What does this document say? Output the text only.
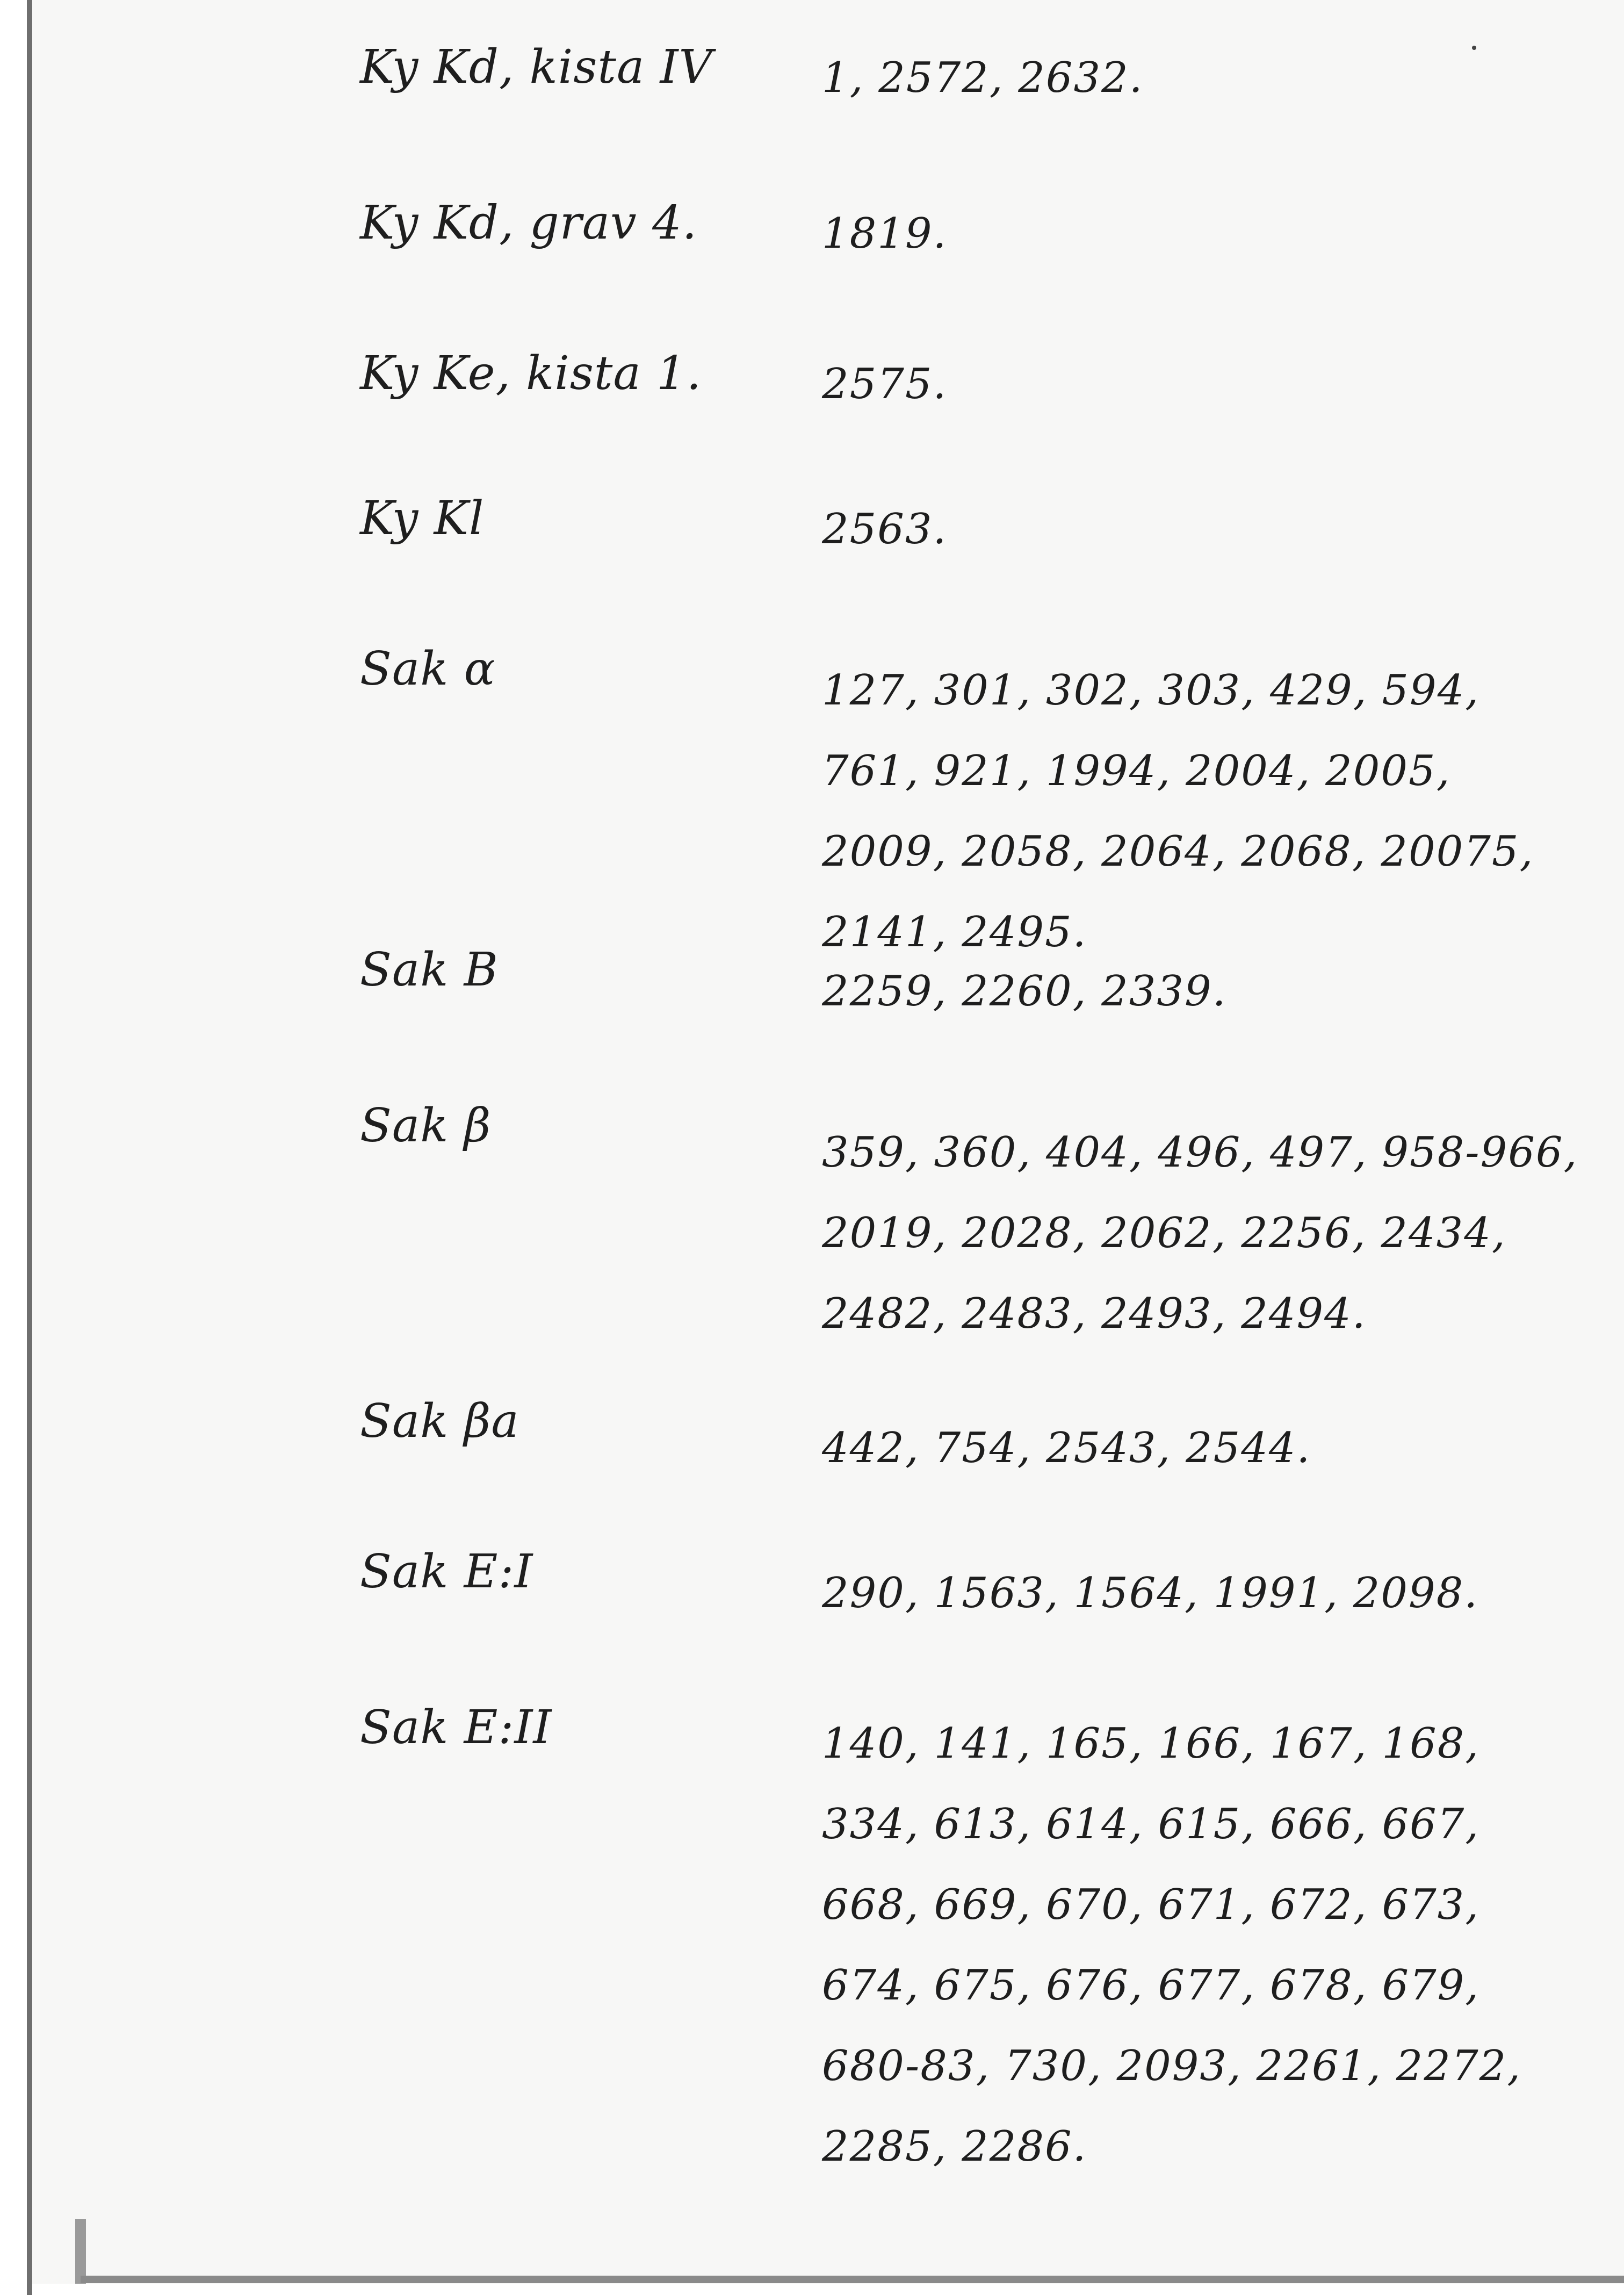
Ky Kd, kista IV	1, 2572, 2632.
Ky Kd, grav 4.	1819.
Ky Ke, kista 1.	2575.
Ky Kl	2563.
Sak α	127, 301, 302, 303, 429, 594, 761, 921, 1994, 2004, 2005, 2009, 2058, 2064, 2068, 20075, 2141, 2495.
Sak B	2259, 2260, 2339.
Sak β	359, 360, 404, 496, 497, 958-966, 2019, 2028, 2062, 2256, 2434, 2482, 2483, 2493, 2494.
Sak βa	442, 754, 2543, 2544.
Sak E:I	290, 1563, 1564, 1991, 2098.
Sak E:II	140, 141, 165, 166, 167, 168, 334, 613, 614, 615, 666, 667, 668, 669, 670, 671, 672, 673, 674, 675, 676, 677, 678, 679, 680-83, 730, 2093, 2261, 2272, 2285, 2286.
